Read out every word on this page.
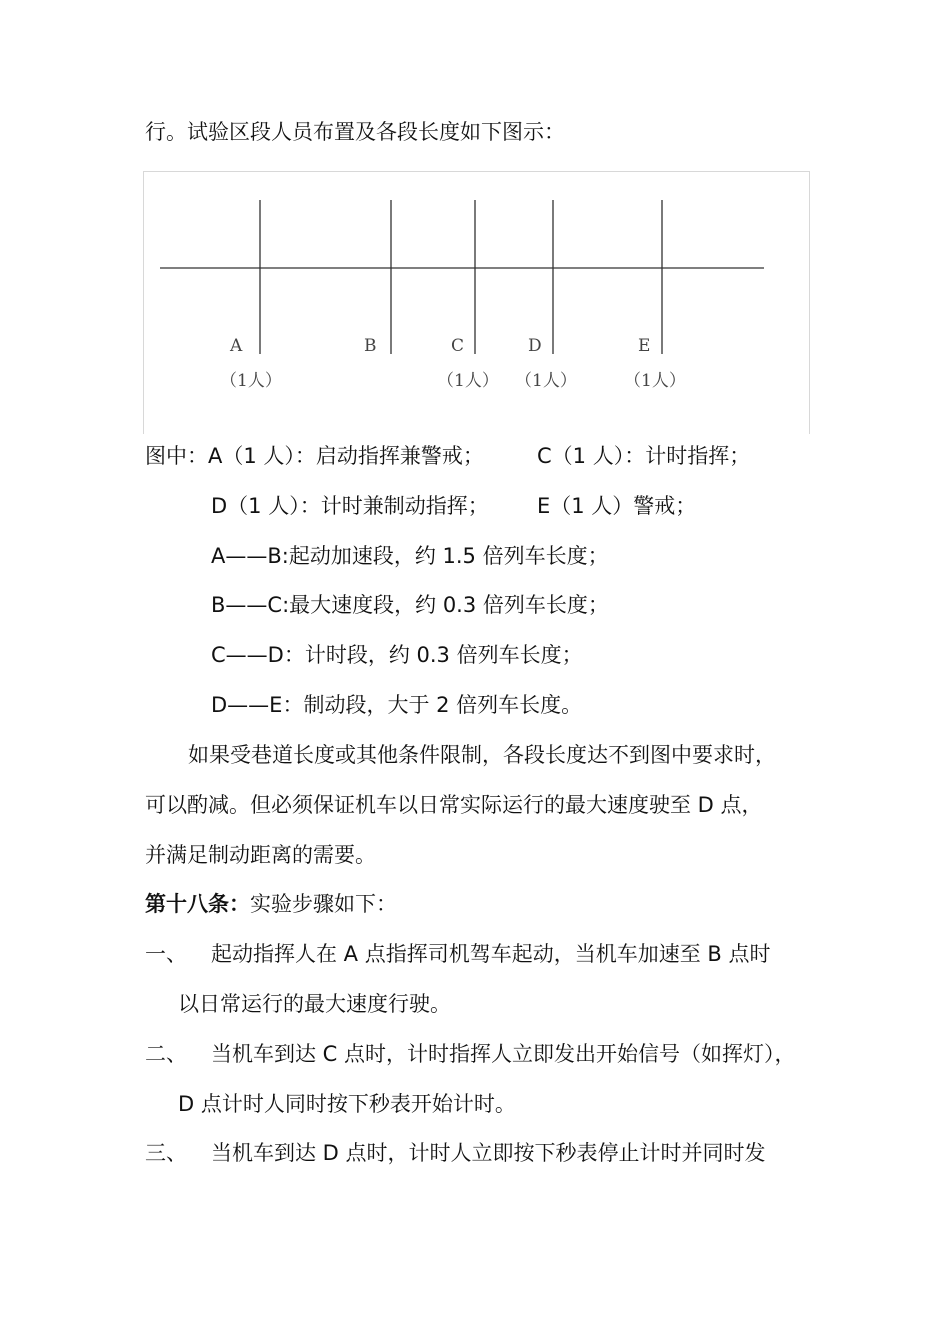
行。试验区段人员布置及各段长度如下图示：
A	B	C	D	E
（1人）	（1人） （1人）	（1人）
图中：A（1 人）：启动指挥兼警戒；	C（1 人）：计时指挥；
D（1 人）：计时兼制动指挥； E（1 人）警戒；
A——B:起动加速段，约 1.5 倍列车长度；
B——C:最大速度段，约 0.3 倍列车长度；
C——D：计时段，约 0.3 倍列车长度；
D——E：制动段，大于 2 倍列车长度。
如果受巷道长度或其他条件限制，各段长度达不到图中要求时，
可以酌减。但必须保证机车以日常实际运行的最大速度驶至 D 点，
并满足制动距离的需要。
第十八条：实验步骤如下：
一、 起动指挥人在 A 点指挥司机驾车起动，当机车加速至 B 点时
以日常运行的最大速度行驶。
二、 当机车到达 C 点时，计时指挥人立即发出开始信号（如挥灯），
D 点计时人同时按下秒表开始计时。
三、 当机车到达 D 点时，计时人立即按下秒表停止计时并同时发
